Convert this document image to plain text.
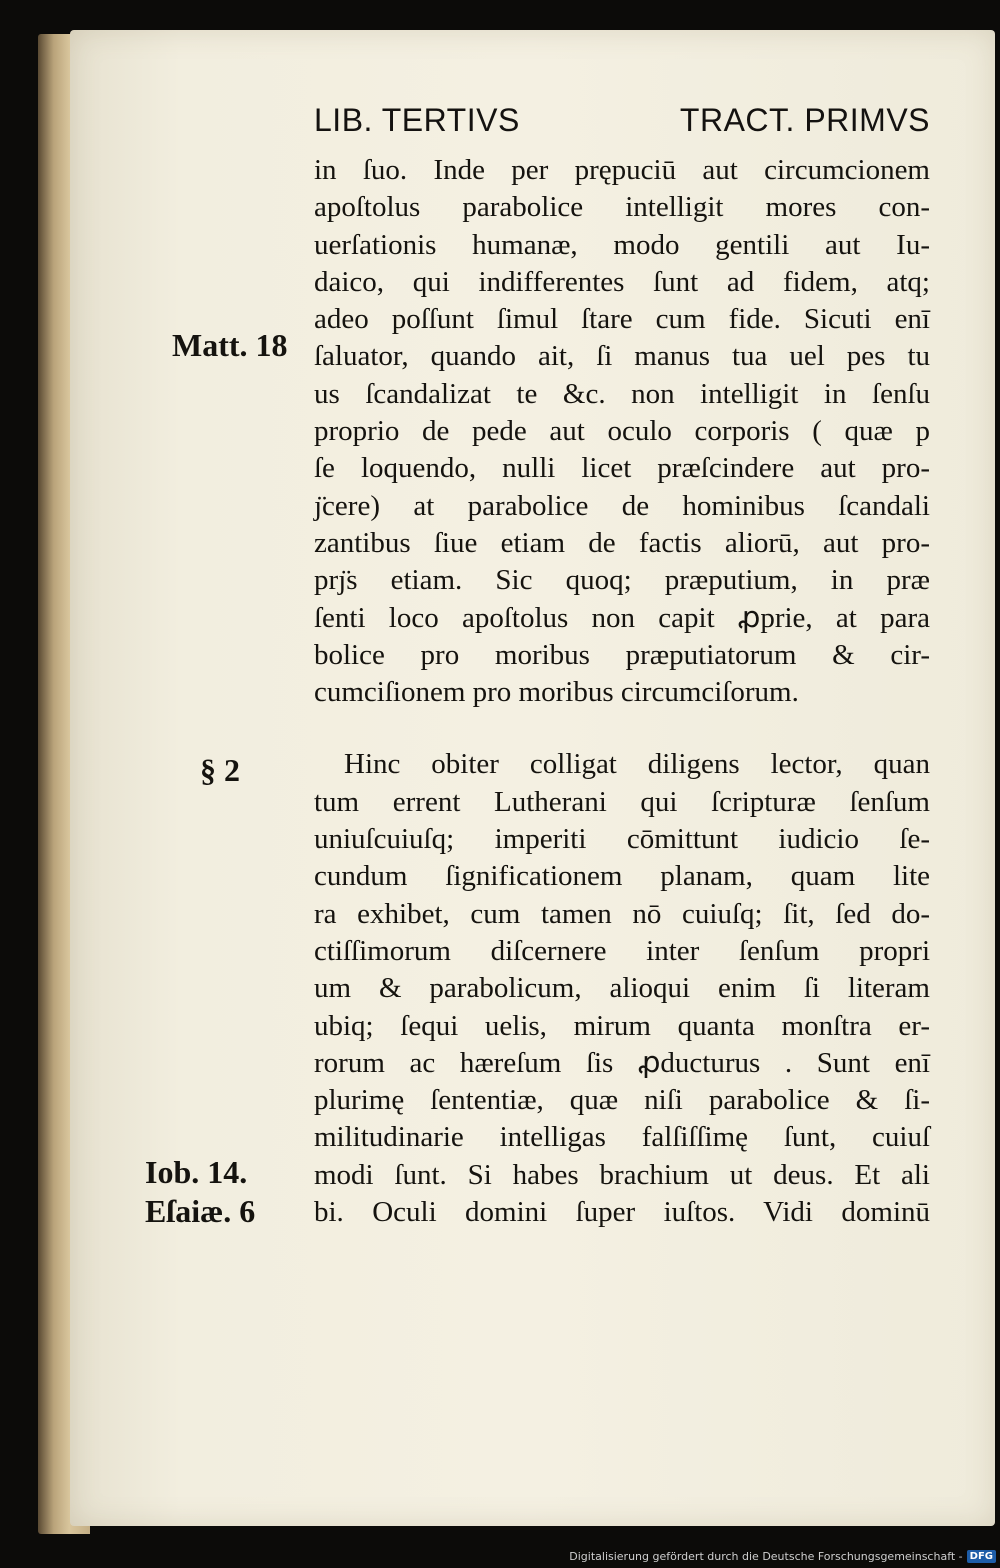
LIB. TERTIVS	TRACT. PRIMVS
in ſuo. Inde per prępuciū aut circumcionem
apoſtolus parabolice intelligit mores con-
uerſationis humanæ, modo gentili aut Iu-
daico, qui indifferentes ſunt ad fidem, atq;
adeo poſſunt ſimul ſtare cum fide. Sicuti enī
ſaluator, quando ait, ſi manus tua uel pes tu
us ſcandalizat te &c. non intelligit in ſenſu
proprio de pede aut oculo corporis ( quæ p
ſe loquendo, nulli licet præſcindere aut pro-
ȷ̈cere) at parabolice de hominibus ſcandali
zantibus ſiue etiam de factis aliorū, aut pro-
prȷ̈s etiam. Sic quoq; præputium, in præ
ſenti loco apoſtolus non capit ꝓprie, at para
bolice pro moribus præputiatorum & cir-
cumciſionem pro moribus circumciſorum.
Hinc obiter colligat diligens lector, quan
tum errent Lutherani qui ſcripturæ ſenſum
uniuſcuiuſq; imperiti cōmittunt iudicio ſe-
cundum ſignificationem planam, quam lite
ra exhibet, cum tamen nō cuiuſq; ſit, ſed do-
ctiſſimorum diſcernere inter ſenſum propri
um & parabolicum, alioqui enim ſi literam
ubiq; ſequi uelis, mirum quanta monſtra er-
rorum ac hæreſum ſis ꝓducturus . Sunt enī
plurimę ſententiæ, quæ niſi parabolice & ſi-
militudinarie intelligas falſiſſimę ſunt, cuiuſ
modi ſunt. Si habes brachium ut deus. Et ali
bi. Oculi domini ſuper iuſtos. Vidi dominū
Matt. 18
§ 2
Iob. 14.
Eſaiæ. 6
Digitalisierung gefördert durch die Deutsche Forschungsgemeinschaft - DFG
